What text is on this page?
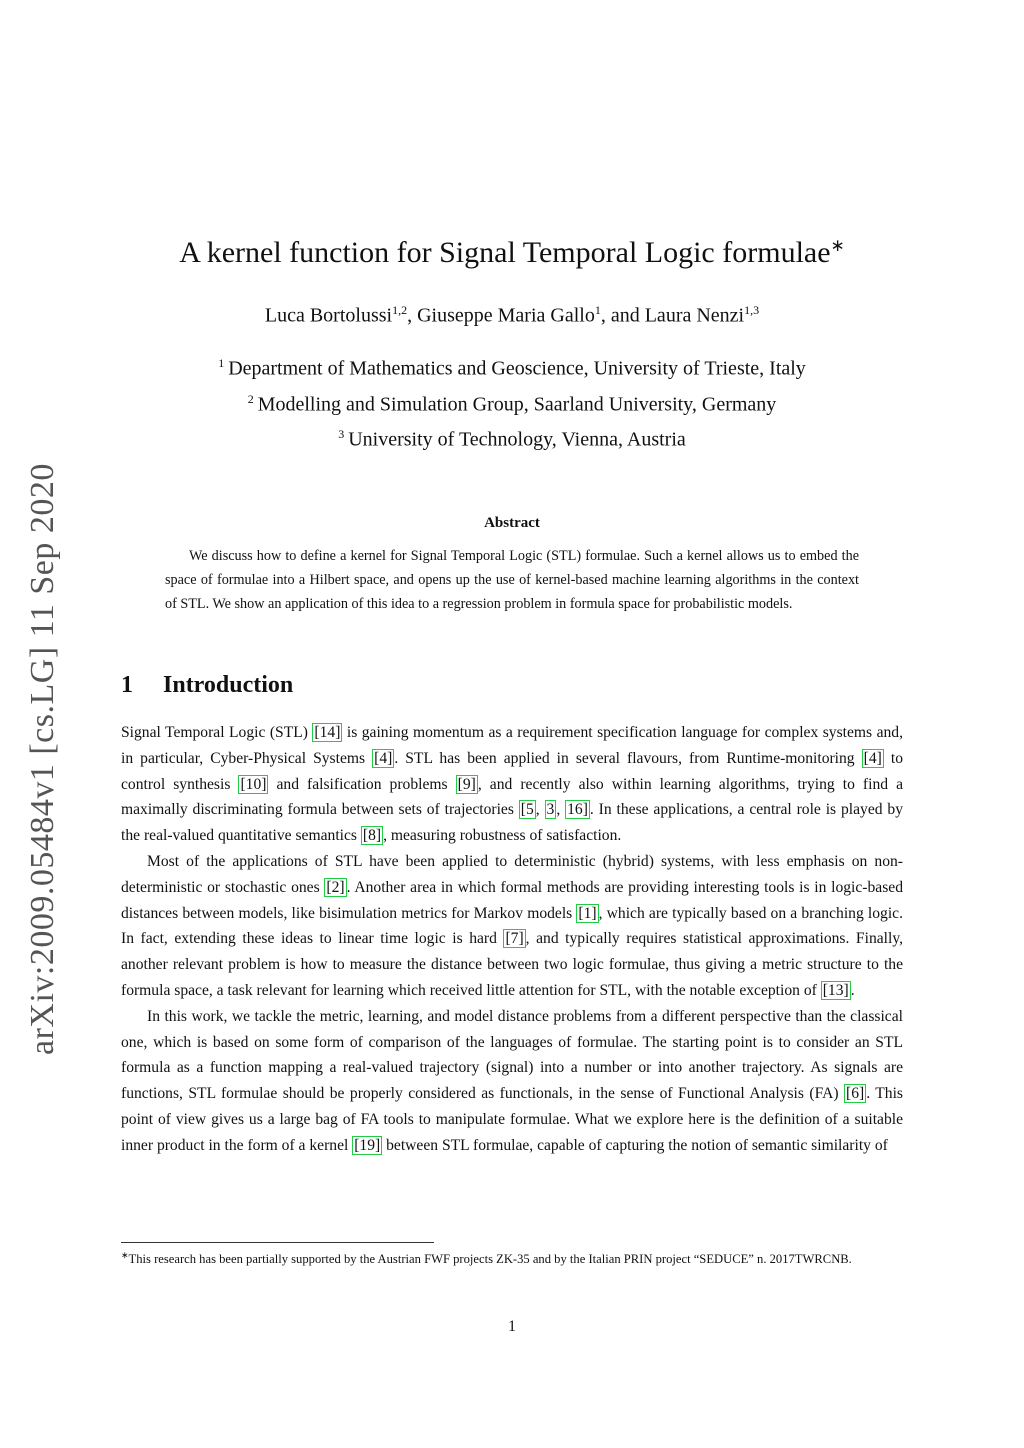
arXiv:2009.05484v1 [cs.LG] 11 Sep 2020
A kernel function for Signal Temporal Logic formulae∗
Luca Bortolussi$^{1,2}$, Giuseppe Maria Gallo$^1$, and Laura Nenzi$^{1,3}$
$^1$ Department of Mathematics and Geoscience, University of Trieste, Italy
$^2$ Modelling and Simulation Group, Saarland University, Germany
$^3$ University of Technology, Vienna, Austria
Abstract
We discuss how to define a kernel for Signal Temporal Logic (STL) formulae. Such a kernel allows us to embed the space of formulae into a Hilbert space, and opens up the use of kernel-based machine learning algorithms in the context of STL. We show an application of this idea to a regression problem in formula space for probabilistic models.
1 Introduction

Signal Temporal Logic (STL) [14] is gaining momentum as a requirement specification language for complex systems and, in particular, Cyber-Physical Systems [4] . STL has been applied in several flavours, from Runtime-monitoring [4] to control synthesis [10] and falsification problems [9] , and recently also within learning algorithms, trying to find a maximally discriminating formula between sets of trajectories [5 , 3 , 16] . In these applications, a central role is played by the real-valued quantitative semantics [8] , measuring robustness of satisfaction.

Most of the applications of STL have been applied to deterministic (hybrid) systems, with less emphasis on non-deterministic or stochastic ones [2] . Another area in which formal methods are providing interesting tools is in logic-based distances between models, like bisimulation metrics for Markov models [1] , which are typically based on a branching logic. In fact, extending these ideas to linear time logic is hard [7] , and typically requires statistical approximations. Finally, another relevant problem is how to measure the distance between two logic formulae, thus giving a metric structure to the formula space, a task relevant for learning which received little attention for STL, with the notable exception of [13] .

In this work, we tackle the metric, learning, and model distance problems from a different perspective than the classical one, which is based on some form of comparison of the languages of formulae. The starting point is to consider an STL formula as a function mapping a real-valued trajectory (signal) into a number or into another trajectory. As signals are functions, STL formulae should be properly considered as functionals, in the sense of Functional Analysis (FA) [6] . This point of view gives us a large bag of FA tools to manipulate formulae. What we explore here is the definition of a suitable inner product in the form of a kernel [19] between STL formulae, capable of capturing the notion of semantic similarity of

∗This research has been partially supported by the Austrian FWF projects ZK-35 and by the Italian PRIN project “SEDUCE” n. 2017TWRCNB.
1
